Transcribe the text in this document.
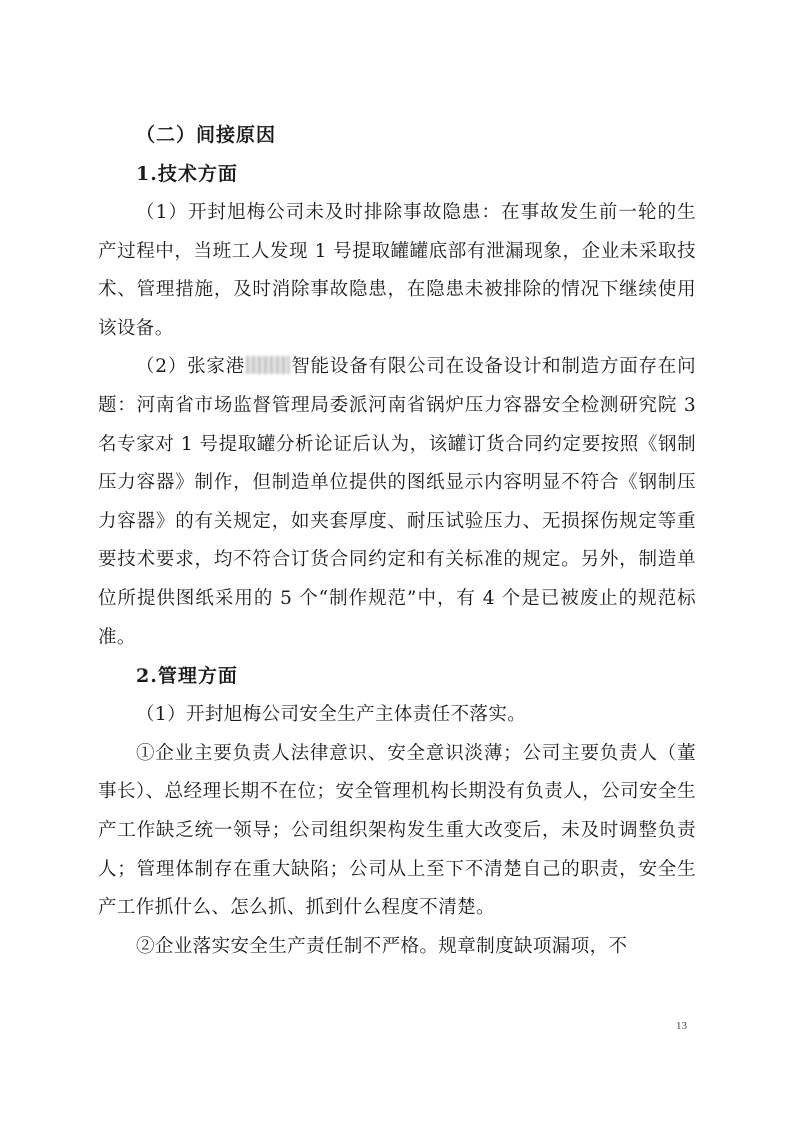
（二）间接原因

1.技术方面

（1）开封旭梅公司未及时排除事故隐患：在事故发生前一轮的生产过程中，当班工人发现 1 号提取罐罐底部有泄漏现象，企业未采取技术、管理措施，及时消除事故隐患，在隐患未被排除的情况下继续使用该设备。

（2）张家港 智能设备有限公司在设备设计和制造方面存在问题：河南省市场监督管理局委派河南省锅炉压力容器安全检测研究院 3 名专家对 1 号提取罐分析论证后认为，该罐订货合同约定要按照《钢制压力容器》制作，但制造单位提供的图纸显示内容明显不符合《钢制压力容器》的有关规定，如夹套厚度、耐压试验压力、无损探伤规定等重要技术要求，均不符合订货合同约定和有关标准的规定。另外，制造单位所提供图纸采用的 5 个“制作规范”中，有 4 个是已被废止的规范标准。

2.管理方面

（1）开封旭梅公司安全生产主体责任不落实。

①企业主要负责人法律意识、安全意识淡薄；公司主要负责人（董事长）、总经理长期不在位；安全管理机构长期没有负责人，公司安全生产工作缺乏统一领导；公司组织架构发生重大改变后，未及时调整负责人；管理体制存在重大缺陷；公司从上至下不清楚自己的职责，安全生产工作抓什么、怎么抓、抓到什么程度不清楚。

②企业落实安全生产责任制不严格。规章制度缺项漏项，不

13
